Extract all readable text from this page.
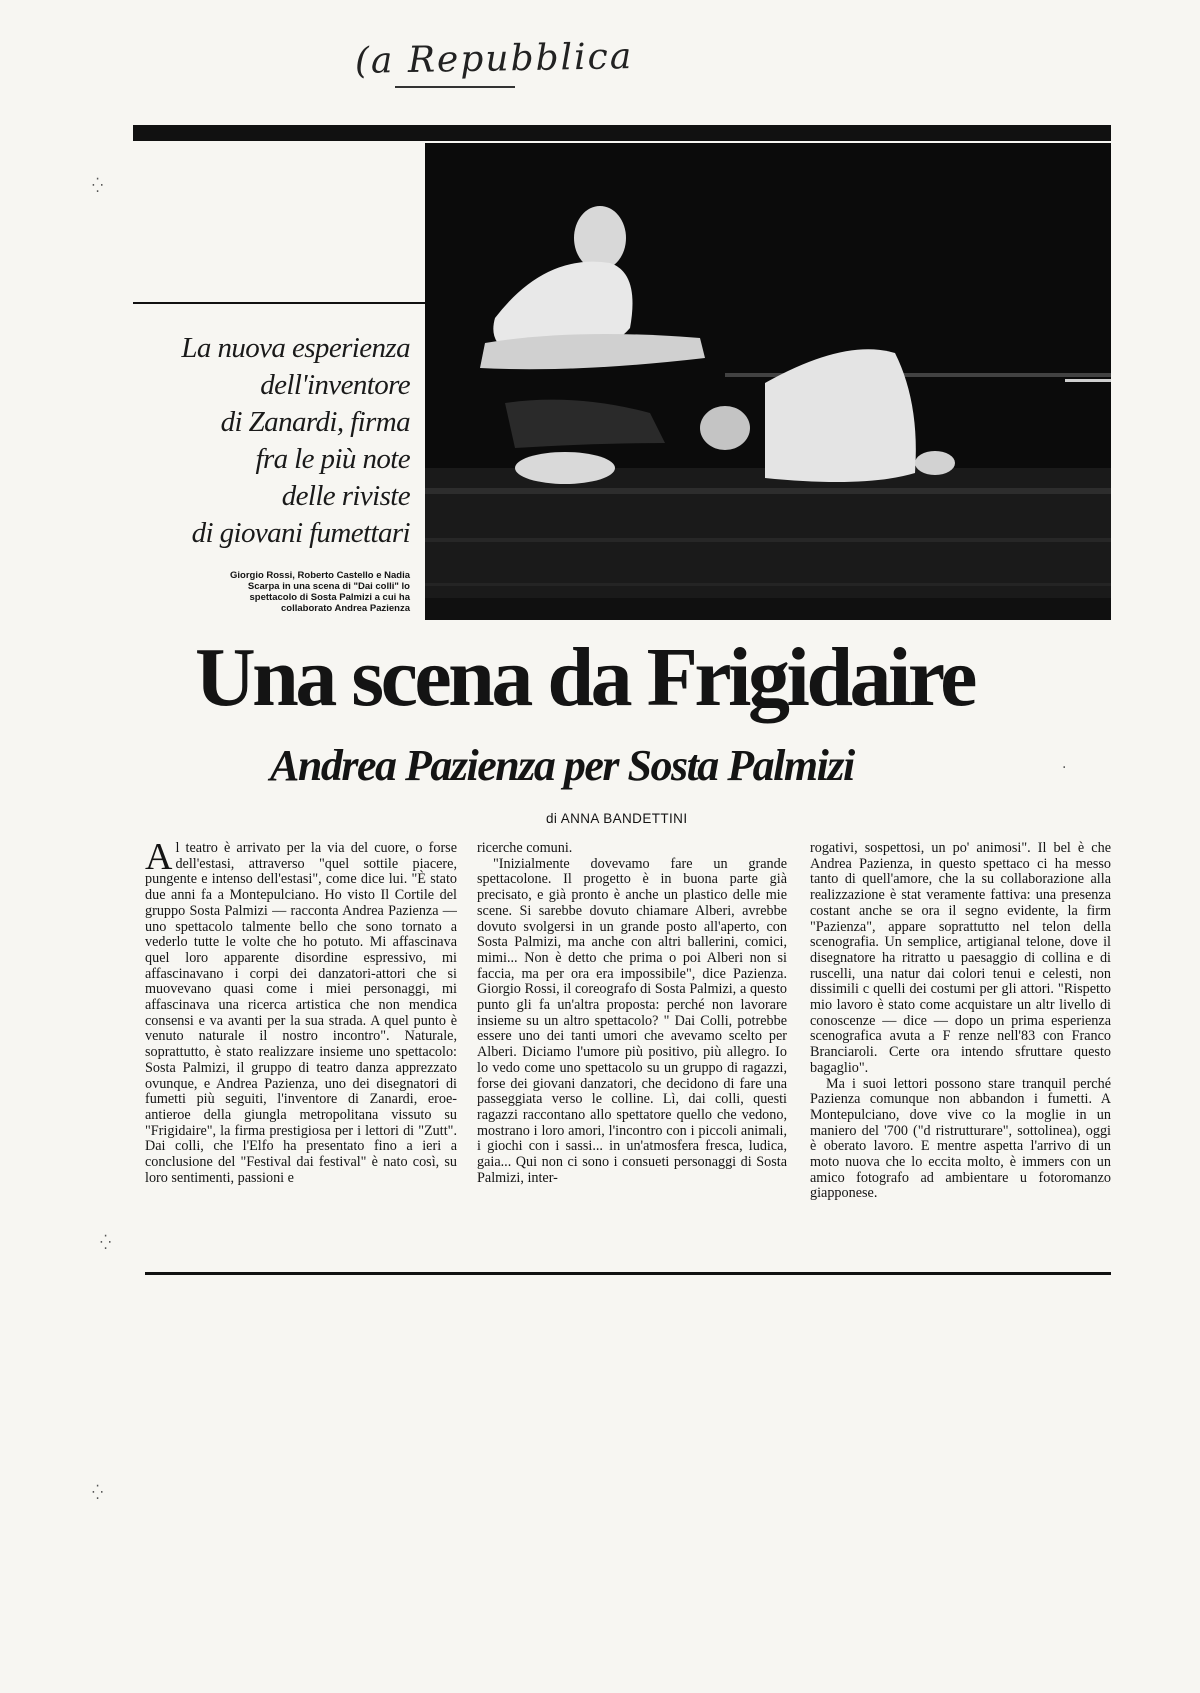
(a Repubblica
La nuova esperienza
dell'inventore
di Zanardi, firma
fra le più note
delle riviste
di giovani fumettari
Giorgio Rossi, Roberto Castello e Nadia
Scarpa in una scena di "Dai colli" lo
spettacolo di Sosta Palmizi a cui ha
collaborato Andrea Pazienza
Una scena da Frigidaire
Andrea Pazienza per Sosta Palmizi
di ANNA BANDETTINI

Al teatro è arrivato per la via del cuore, o forse dell'estasi, attraverso "quel sottile piacere, pungente e intenso dell'estasi", come dice lui. "È stato due anni fa a Montepulciano. Ho visto Il Cortile del gruppo Sosta Palmizi — racconta Andrea Pazienza — uno spettacolo talmente bello che sono tornato a vederlo tutte le volte che ho potuto. Mi affascinava quel loro apparente disordine espressivo, mi affascinavano i corpi dei danzatori-attori che si muovevano quasi come i miei personaggi, mi affascinava una ricerca artistica che non mendica consensi e va avanti per la sua strada. A quel punto è venuto naturale il nostro incontro". Naturale, soprattutto, è stato realizzare insieme uno spettacolo: Sosta Palmizi, il gruppo di teatro danza apprezzato ovunque, e Andrea Pazienza, uno dei disegnatori di fumetti più seguiti, l'inventore di Zanardi, eroe-antieroe della giungla metropolitana vissuto su "Frigidaire", la firma prestigiosa per i lettori di "Zutt". Dai colli, che l'Elfo ha presentato fino a ieri a conclusione del "Festival dai festival" è nato così, su loro sentimenti, passioni e

ricerche comuni.

"Inizialmente dovevamo fare un grande spettacolone. Il progetto è in buona parte già precisato, e già pronto è anche un plastico delle mie scene. Si sarebbe dovuto chiamare Alberi, avrebbe dovuto svolgersi in un grande posto all'aperto, con Sosta Palmizi, ma anche con altri ballerini, comici, mimi... Non è detto che prima o poi Alberi non si faccia, ma per ora era impossibile", dice Pazienza. Giorgio Rossi, il coreografo di Sosta Palmizi, a questo punto gli fa un'altra proposta: perché non lavorare insieme su un altro spettacolo? " Dai Colli, potrebbe essere uno dei tanti umori che avevamo scelto per Alberi. Diciamo l'umore più positivo, più allegro. Io lo vedo come uno spettacolo su un gruppo di ragazzi, forse dei giovani danzatori, che decidono di fare una passeggiata verso le colline. Lì, dai colli, questi ragazzi raccontano allo spettatore quello che vedono, mostrano i loro amori, l'incontro con i piccoli animali, i giochi con i sassi... in un'atmosfera fresca, ludica, gaia... Qui non ci sono i consueti personaggi di Sosta Palmizi, inter-

rogativi, sospettosi, un po' animosi". Il bel è che Andrea Pazienza, in questo spettaco ci ha messo tanto di quell'amore, che la su collaborazione alla realizzazione è stat veramente fattiva: una presenza costant anche se ora il segno evidente, la firm "Pazienza", appare soprattutto nel telon della scenografia. Un semplice, artigianal telone, dove il disegnatore ha ritratto u paesaggio di collina e di ruscelli, una natur dai colori tenui e celesti, non dissimili c quelli dei costumi per gli attori. "Rispetto mio lavoro è stato come acquistare un altr livello di conoscenze — dice — dopo un prima esperienza scenografica avuta a F renze nell'83 con Franco Branciaroli. Certe ora intendo sfruttare questo bagaglio".

Ma i suoi lettori possono stare tranquil perché Pazienza comunque non abbandon i fumetti. A Montepulciano, dove vive co la moglie in un maniero del '700 ("d ristrutturare", sottolinea), oggi è oberato lavoro. E mentre aspetta l'arrivo di un moto nuova che lo eccita molto, è immers con un amico fotografo ad ambientare u fotoromanzo giapponese.

⁛
⁛
⁛
·
